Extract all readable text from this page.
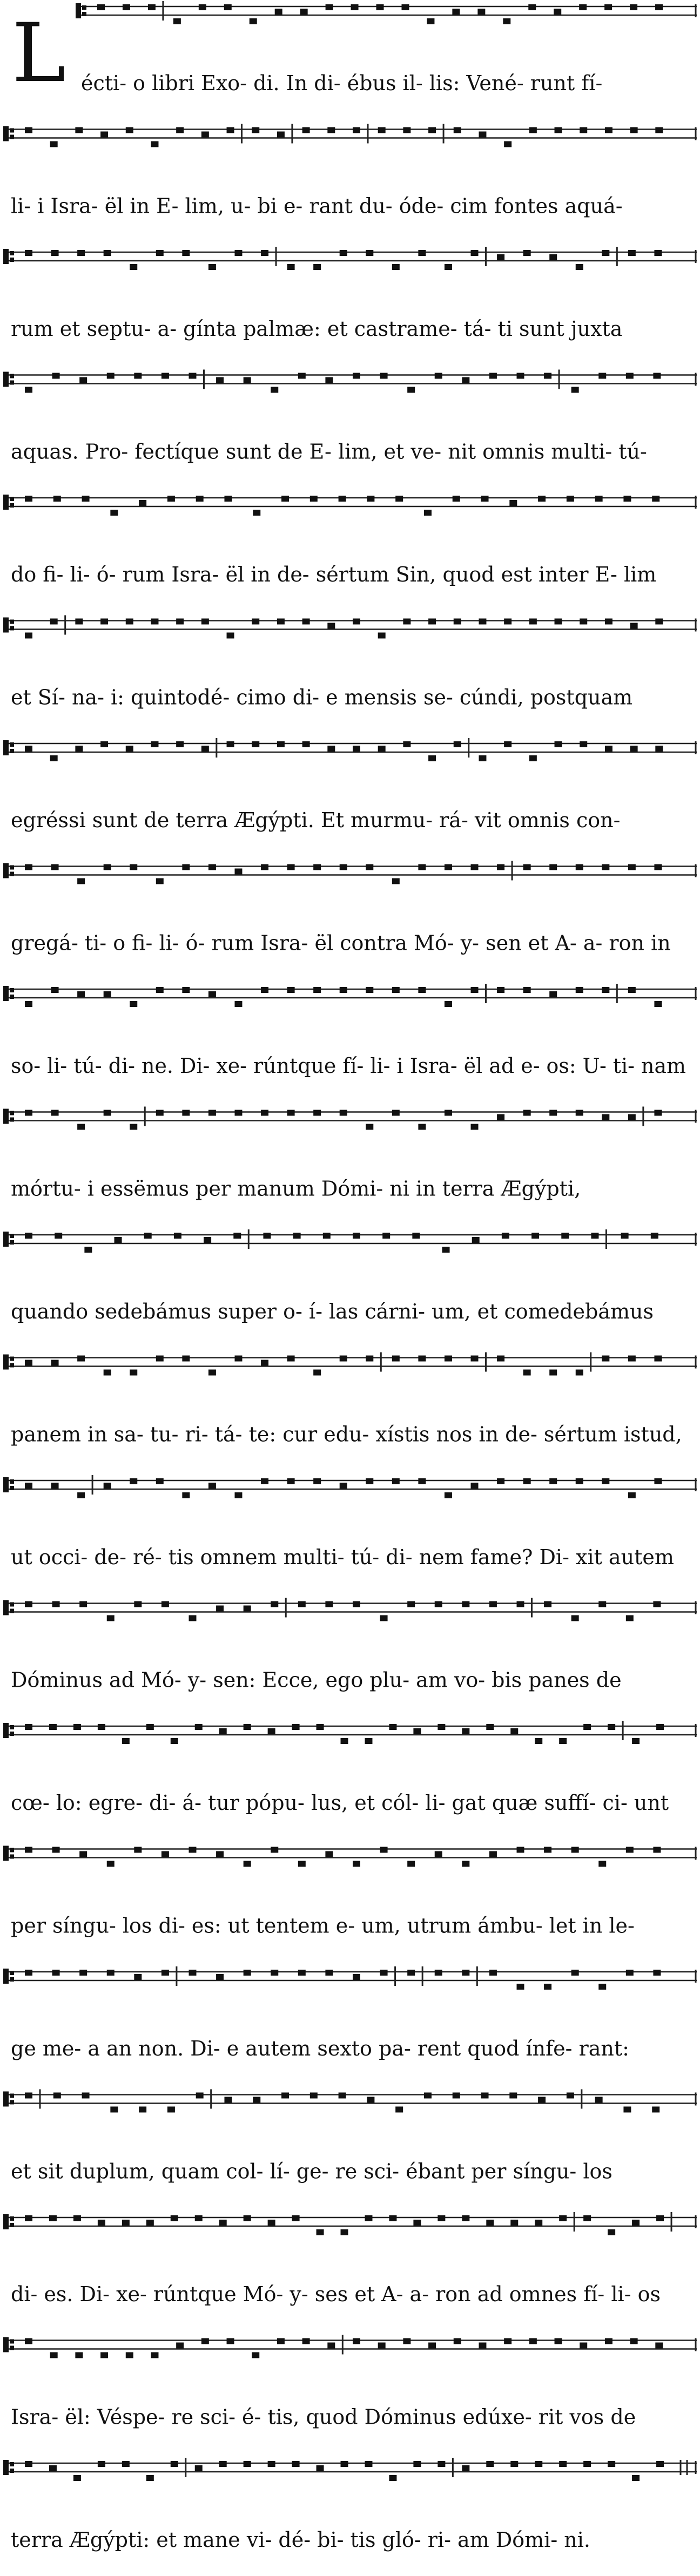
L écti- o libri Exo- di. In di- ébus il- lis: Vené- runt fí-
li- i Isra- ël in E- lim, u- bi e- rant du- óde- cim fontes aquá-
rum et septu- a- gínta palmæ: et castrame- tá- ti sunt juxta
aquas. Pro- fectíque sunt de E- lim, et ve- nit omnis multi- tú-
do fi- li- ó- rum Isra- ël in de- sértum Sin, quod est inter E- lim
et Sí- na- i: quintodé- cimo di- e mensis se- cúndi, postquam
egréssi sunt de terra Ægýpti. Et murmu- rá- vit omnis con-
gregá- ti- o fi- li- ó- rum Isra- ël contra Mó- y- sen et A- a- ron in
so- li- tú- di- ne. Di- xe- rúntque fí- li- i Isra- ël ad e- os: U- ti- nam
mórtu- i essëmus per manum Dómi- ni in terra Ægýpti,
quando sedebámus super o- í- las cárni- um, et comedebámus
panem in sa- tu- ri- tá- te: cur edu- xístis nos in de- sértum istud,
ut occi- de- ré- tis omnem multi- tú- di- nem fame? Di- xit autem
Dóminus ad Mó- y- sen: Ecce, ego plu- am vo- bis panes de
cœ- lo: egre- di- á- tur pópu- lus, et cól- li- gat quæ suffí- ci- unt
per síngu- los di- es: ut tentem e- um, utrum ámbu- let in le-
ge me- a an non. Di- e autem sexto pa- rent quod ínfe- rant:
et sit duplum, quam col- lí- ge- re sci- ébant per síngu- los
di- es. Di- xe- rúntque Mó- y- ses et A- a- ron ad omnes fí- li- os
Isra- ël: Véspe- re sci- é- tis, quod Dóminus edúxe- rit vos de
terra Ægýpti: et mane vi- dé- bi- tis gló- ri- am Dómi- ni.
